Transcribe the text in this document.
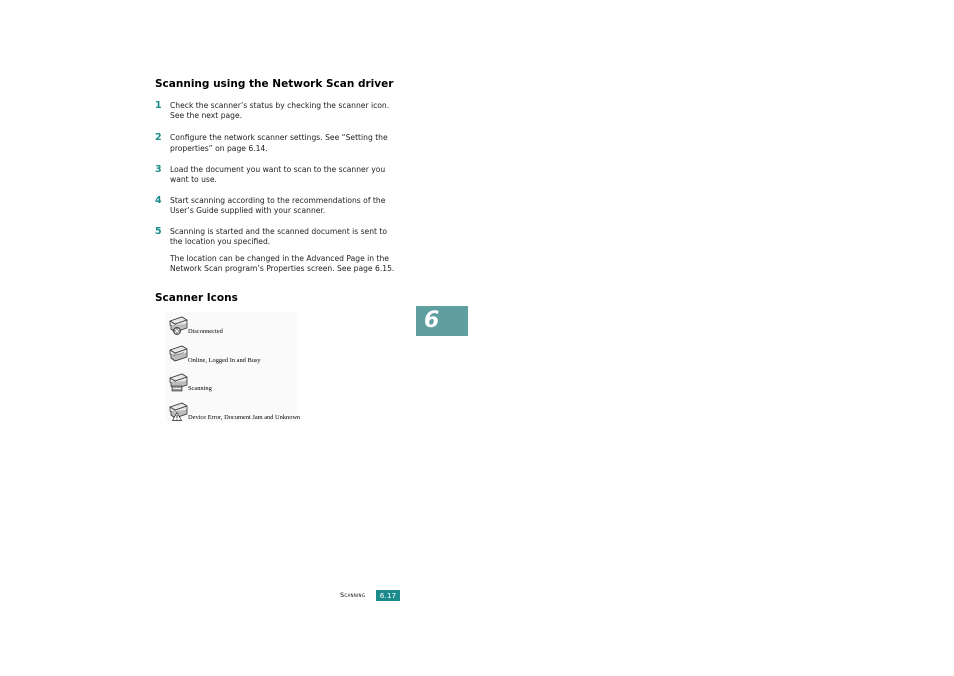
Scanning using the Network Scan driver
1 Check the scanner’s status by checking the scanner icon.
See the next page.
2 Configure the network scanner settings. See “Setting the
properties” on page 6.14.
3 Load the document you want to scan to the scanner you
want to use.
4 Start scanning according to the recommendations of the
User’s Guide supplied with your scanner.
5 Scanning is started and the scanned document is sent to
the location you specified.
The location can be changed in the Advanced Page in the
Network Scan program’s Properties screen. See page 6.15.
Scanner Icons
Disconnected
Online, Logged In and Busy
Scanning
Device Error, Document Jam and Unknown
6
Scanning	6.17
